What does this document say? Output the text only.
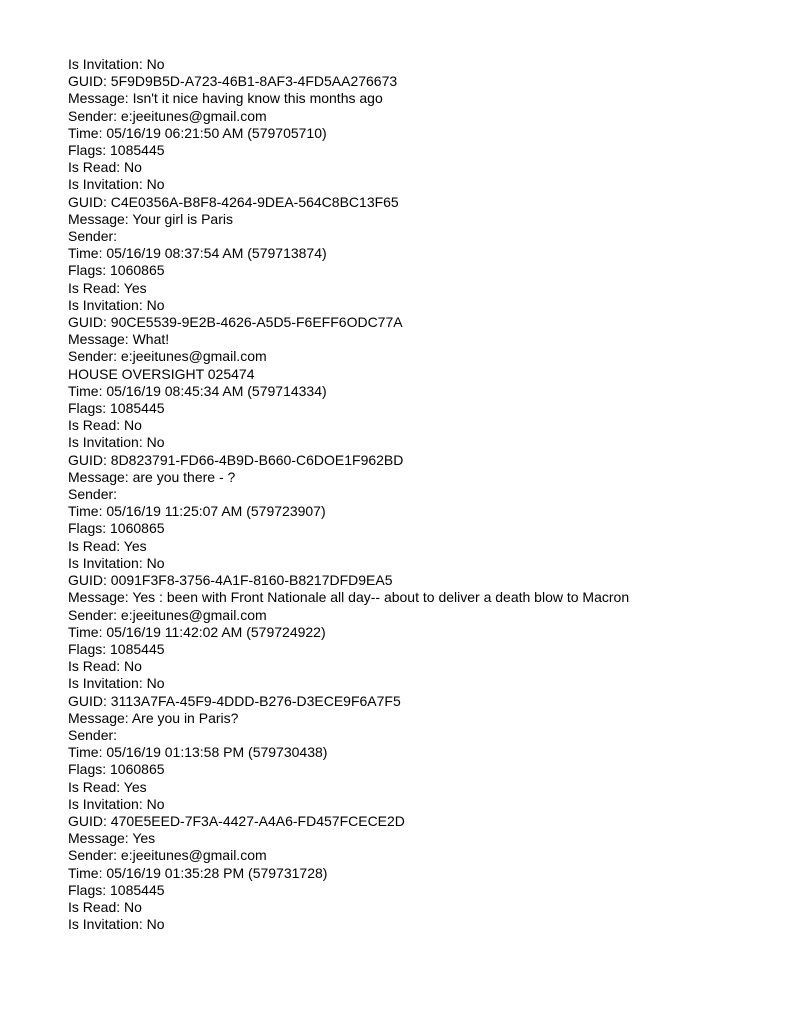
Is Invitation: No
GUID: 5F9D9B5D-A723-46B1-8AF3-4FD5AA276673
Message: Isn't it nice having know this months ago
Sender: e:jeeitunes@gmail.com
Time: 05/16/19 06:21:50 AM (579705710)
Flags: 1085445
Is Read: No
Is Invitation: No
GUID: C4E0356A-B8F8-4264-9DEA-564C8BC13F65
Message: Your girl is Paris
Sender:
Time: 05/16/19 08:37:54 AM (579713874)
Flags: 1060865
Is Read: Yes
Is Invitation: No
GUID: 90CE5539-9E2B-4626-A5D5-F6EFF6ODC77A
Message: What!
Sender: e:jeeitunes@gmail.com
HOUSE OVERSIGHT 025474
Time: 05/16/19 08:45:34 AM (579714334)
Flags: 1085445
Is Read: No
Is Invitation: No
GUID: 8D823791-FD66-4B9D-B660-C6DOE1F962BD
Message: are you there - ?
Sender:
Time: 05/16/19 11:25:07 AM (579723907)
Flags: 1060865
Is Read: Yes
Is Invitation: No
GUID: 0091F3F8-3756-4A1F-8160-B8217DFD9EA5
Message: Yes : been with Front Nationale all day-- about to deliver a death blow to Macron
Sender: e:jeeitunes@gmail.com
Time: 05/16/19 11:42:02 AM (579724922)
Flags: 1085445
Is Read: No
Is Invitation: No
GUID: 3113A7FA-45F9-4DDD-B276-D3ECE9F6A7F5
Message: Are you in Paris?
Sender:
Time: 05/16/19 01:13:58 PM (579730438)
Flags: 1060865
Is Read: Yes
Is Invitation: No
GUID: 470E5EED-7F3A-4427-A4A6-FD457FCECE2D
Message: Yes
Sender: e:jeeitunes@gmail.com
Time: 05/16/19 01:35:28 PM (579731728)
Flags: 1085445
Is Read: No
Is Invitation: No
